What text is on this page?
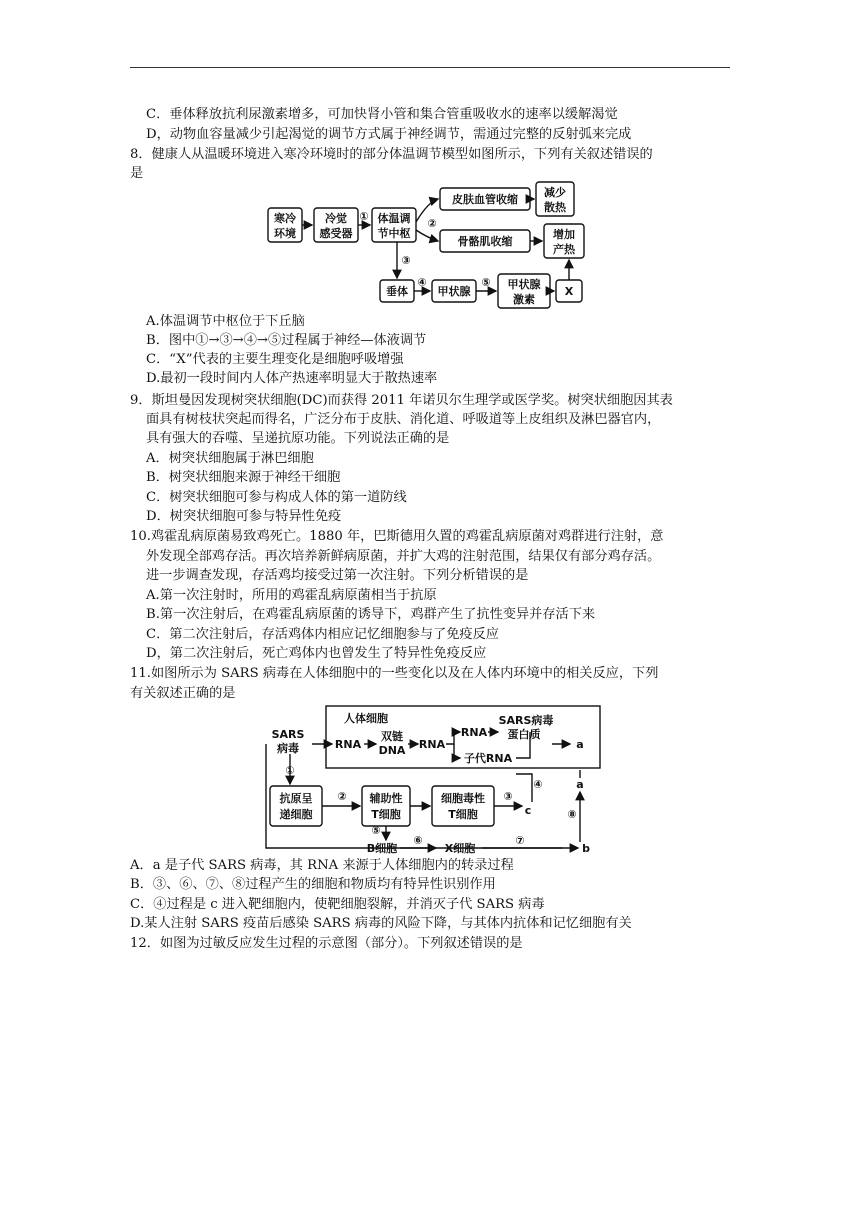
C．垂体释放抗利尿激素增多，可加快肾小管和集合管重吸收水的速率以缓解渴觉
D，动物血容量减少引起渴觉的调节方式属于神经调节，需通过完整的反射弧来完成
8．健康人从温暖环境进入寒冷环境时的部分体温调节模型如图所示，下列有关叙述错误的
是
寒冷
环境
冷觉
感受器
体温调
节中枢
皮肤血管收缩
减少
散热
骨骼肌收缩
增加
产热
垂体	甲状腺
甲状腺
激素
X
①
②
③
④	⑤
A.体温调节中枢位于下丘脑
B．图中①→③→④→⑤过程属于神经—体液调节
C．“X”代表的主要生理变化是细胞呼吸增强
D.最初一段时间内人体产热速率明显大于散热速率
9．斯坦曼因发现树突状细胞(DC)而获得 2011 年诺贝尔生理学或医学奖。树突状细胞因其表
面具有树枝状突起而得名，广泛分布于皮肤、消化道、呼吸道等上皮组织及淋巴器官内，
具有强大的吞噬、呈递抗原功能。下列说法正确的是
A．树突状细胞属于淋巴细胞
B．树突状细胞来源于神经干细胞
C．树突状细胞可参与构成人体的第一道防线
D．树突状细胞可参与特异性免疫
10.鸡霍乱病原菌易致鸡死亡。1880 年，巴斯德用久置的鸡霍乱病原菌对鸡群进行注射，意
外发现全部鸡存活。再次培养新鲜病原菌，并扩大鸡的注射范围，结果仅有部分鸡存活。
进一步调查发现，存活鸡均接受过第一次注射。下列分析错误的是
A.第一次注射时，所用的鸡霍乱病原菌相当于抗原
B.第一次注射后，在鸡霍乱病原菌的诱导下，鸡群产生了抗性变异并存活下来
C．第二次注射后，存活鸡体内相应记忆细胞参与了免疫反应
D，第二次注射后，死亡鸡体内也曾发生了特异性免疫反应
11.如图所示为 SARS 病毒在人体细胞中的一些变化以及在人体内环境中的相关反应，下列
有关叙述正确的是
人体细胞
SARS
病毒	RNA
双链
DNA RNA
RNA
SARS病毒
蛋白质
子代RNA
a
a
抗原呈
递细胞
辅助性
T细胞
细胞毒性
T细胞	c
B细胞	X细胞	b
①
②	③
④
⑤
⑥	⑦
⑧
A．a 是子代 SARS 病毒，其 RNA 来源于人体细胞内的转录过程
B．③、⑥、⑦、⑧过程产生的细胞和物质均有特异性识别作用
C．④过程是 c 进入靶细胞内，使靶细胞裂解，并消灭子代 SARS 病毒
D.某人注射 SARS 疫苗后感染 SARS 病毒的风险下降，与其体内抗体和记忆细胞有关
12．如图为过敏反应发生过程的示意图（部分）。下列叙述错误的是
